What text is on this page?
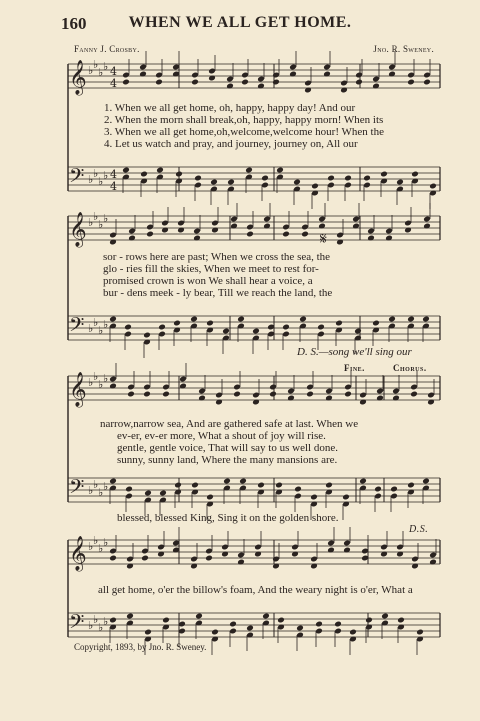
160	WHEN WE ALL GET HOME.
Fanny J. Crosby.	Jno. R. Sweney.
𝄞 ♭ ♭
♭ ♭ 4
4
𝄢 ♭ ♭
♭ ♭ 4
4
𝄞 ♭ ♭
♭ ♭
𝄢 ♭ ♭
♭ ♭
𝄞 ♭ ♭
♭ ♭
𝄢 ♭ ♭
♭ ♭
𝄞 ♭ ♭
♭ ♭
𝄢 ♭ ♭
♭ ♭
𝄋
1. When we all get home, oh, happy, happy day! And our
2. When the morn shall break,oh, happy, happy morn! When its
3. When we all get home,oh,welcome,welcome hour! When the
4. Let us watch and pray, and journey, journey on, All our
sor - rows here are past; When we cross the sea, the
glo - ries fill the skies, When we meet to rest for-
promised crown is won We shall hear a voice, a
bur - dens meek - ly bear, Till we reach the land, the
D. S.—song we'll sing our
Fine.	Chorus.
narrow,narrow sea, And are gathered safe at last. When we
ev-er, ev-er more, What a shout of joy will rise.
gentle, gentle voice, That will say to us well done.
sunny, sunny land, Where the many mansions are.
blessed, blessed King, Sing it on the golden shore.
D.S.
all get home, o'er the billow's foam, And the weary night is o'er, What a
Copyright, 1893, by Jno. R. Sweney.
